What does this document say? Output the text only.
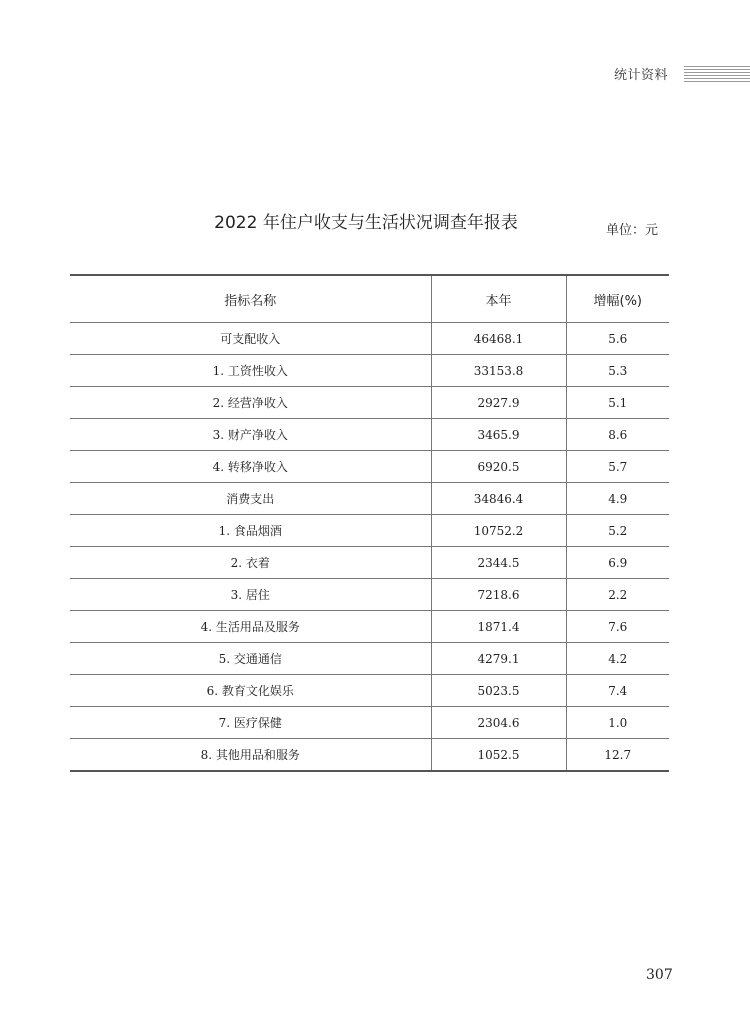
统计资料
2022 年住户收支与生活状况调查年报表	单位：元
指标名称	本年	增幅(%)
可支配收入	46468.1	5.6
1. 工资性收入	33153.8	5.3
2. 经营净收入	2927.9	5.1
3. 财产净收入	3465.9	8.6
4. 转移净收入	6920.5	5.7
消费支出	34846.4	4.9
1. 食品烟酒	10752.2	5.2
2. 衣着	2344.5	6.9
3. 居住	7218.6	2.2
4. 生活用品及服务	1871.4	7.6
5. 交通通信	4279.1	4.2
6. 教育文化娱乐	5023.5	7.4
7. 医疗保健	2304.6	1.0
8. 其他用品和服务	1052.5	12.7
307
